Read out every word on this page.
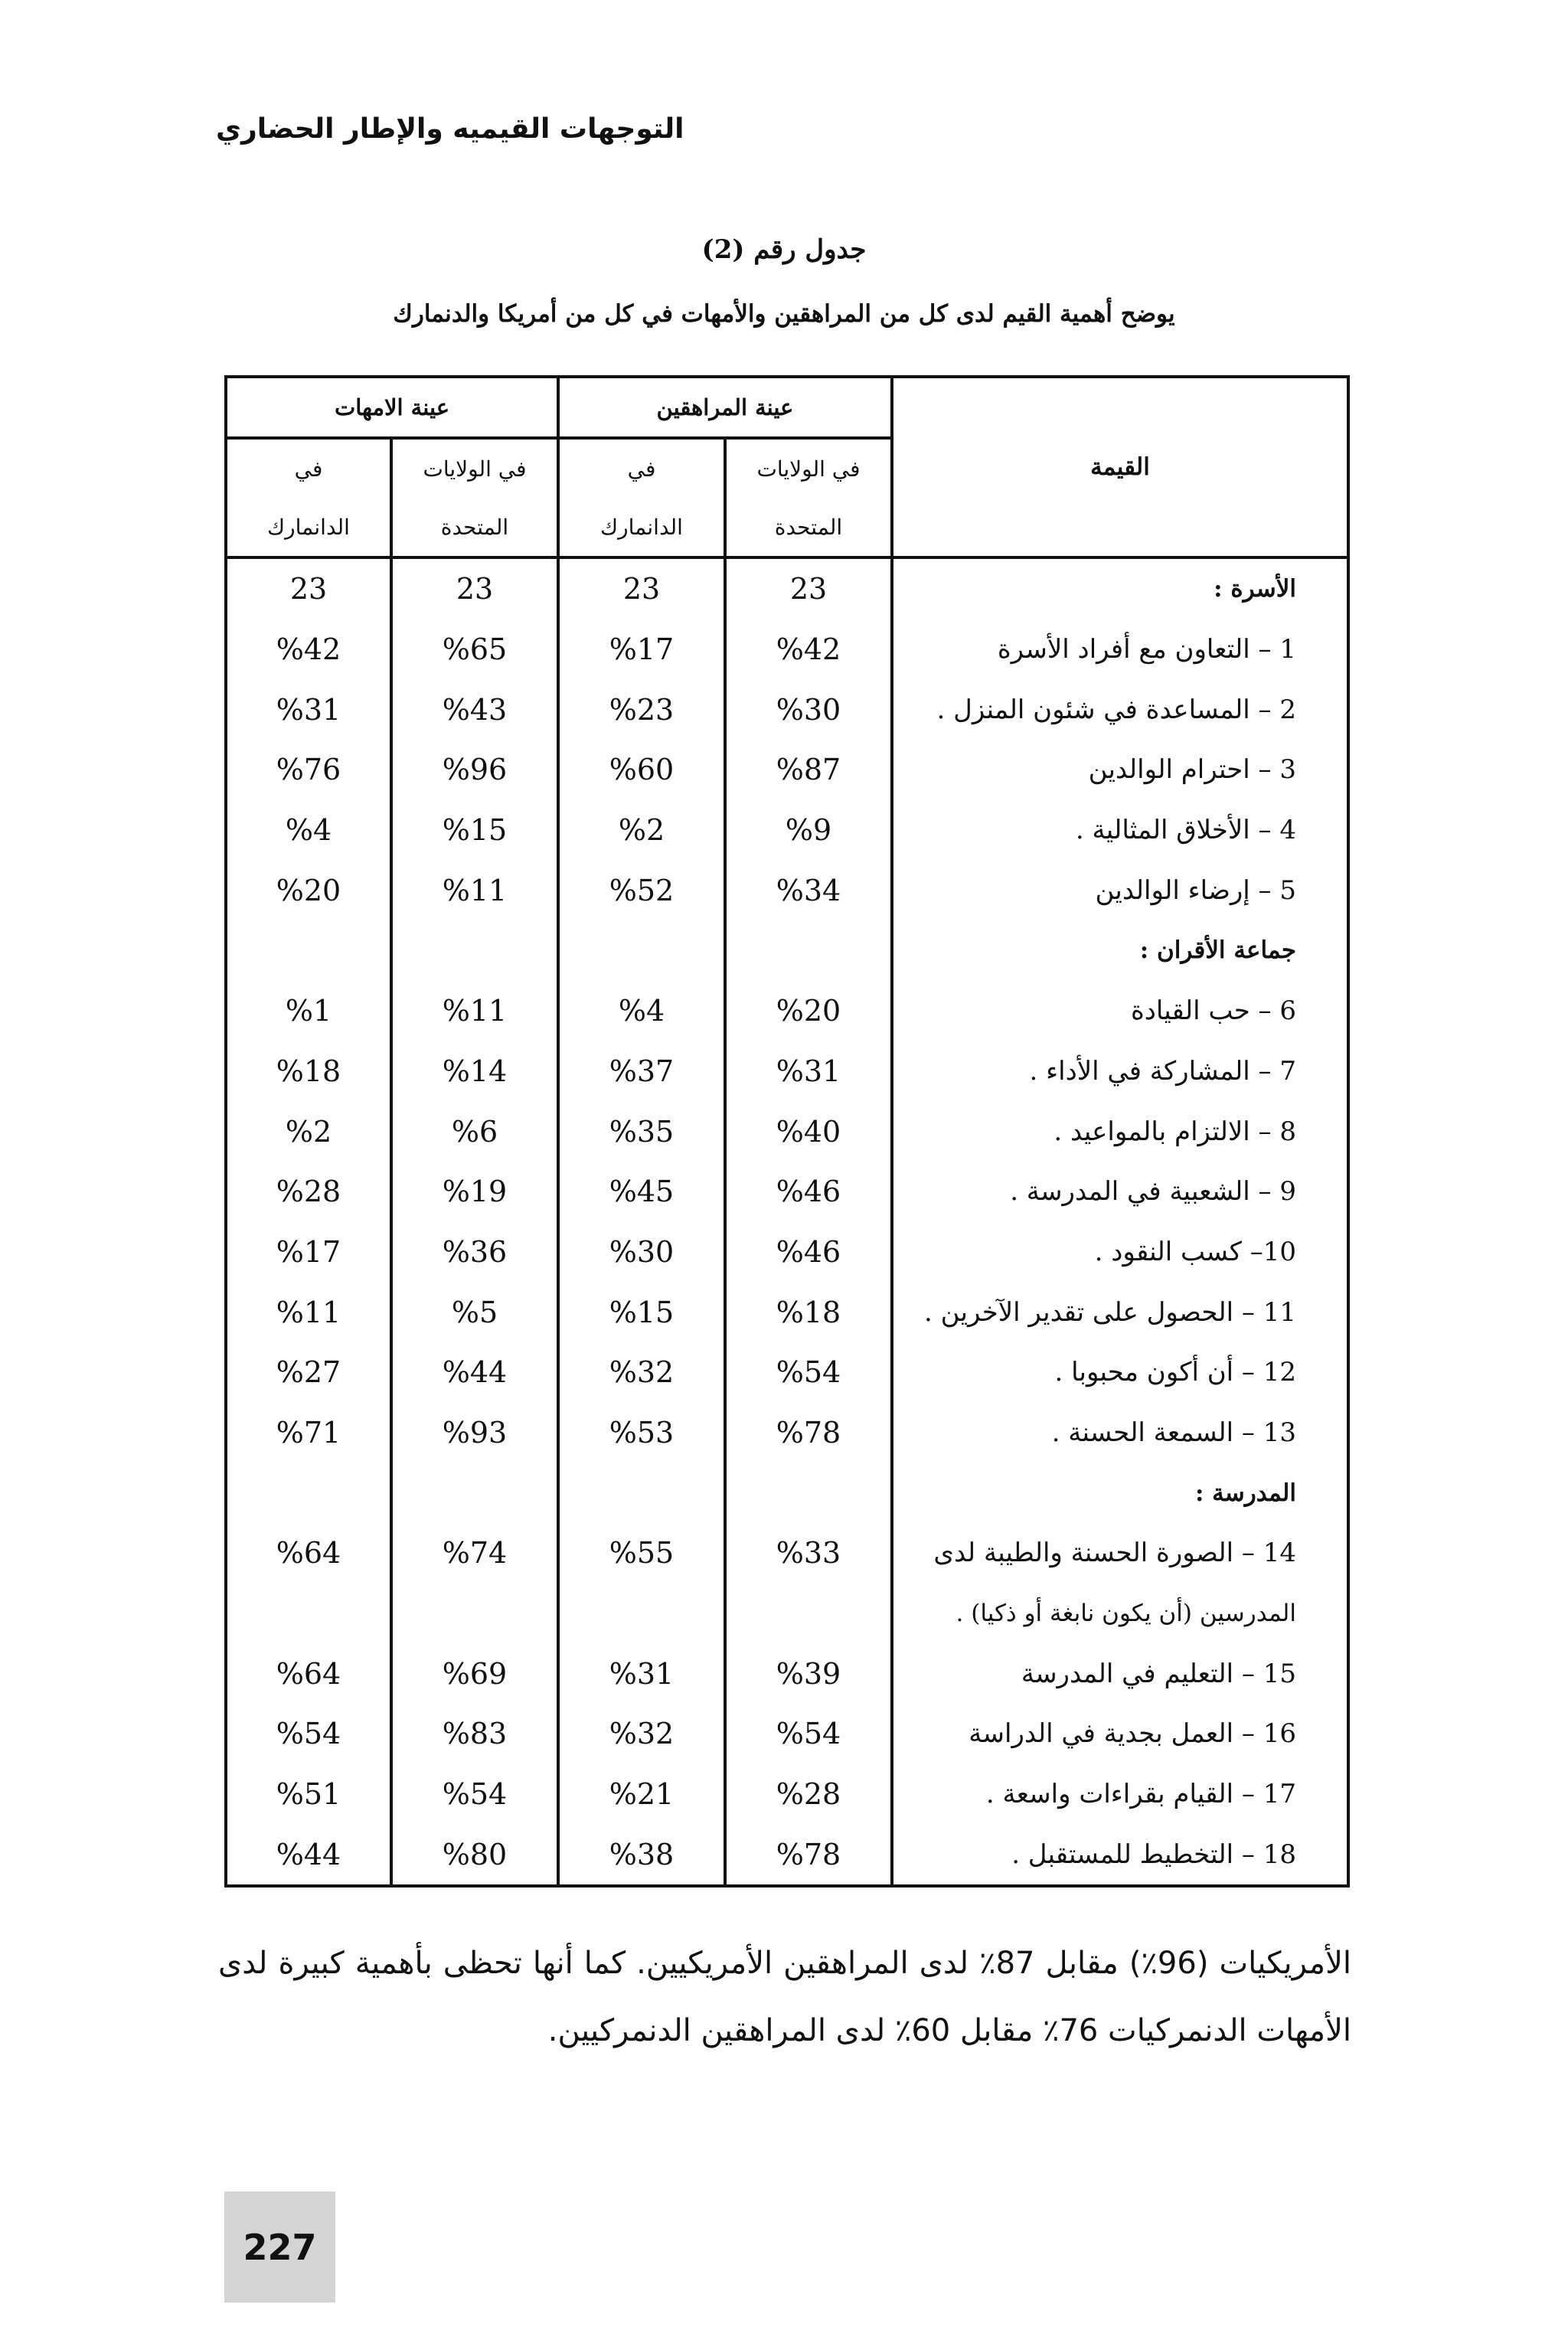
التوجهات القيميه والإطار الحضاري
جدول رقم (2)
يوضح أهمية القيم لدى كل من المراهقين والأمهات في كل من أمريكا والدنمارك
القيمة	عينة المراهقين		عينة الامهات	
	في الولايات	في	في الولايات	في
	المتحدة	الدانمارك	المتحدة	الدانمارك
الأسرة :	23	23	23	23
1 – التعاون مع أفراد الأسرة	%42	%17	%65	%42
2 – المساعدة في شئون المنزل .	%30	%23	%43	%31
3 – احترام الوالدين	%87	%60	%96	%76
4 – الأخلاق المثالية .	%9	%2	%15	%4
5 – إرضاء الوالدين	%34	%52	%11	%20
جماعة الأقران :				
6 – حب القيادة	%20	%4	%11	%1
7 – المشاركة في الأداء .	%31	%37	%14	%18
8 – الالتزام بالمواعيد .	%40	%35	%6	%2
9 – الشعبية في المدرسة .	%46	%45	%19	%28
10– كسب النقود .	%46	%30	%36	%17
11 – الحصول على تقدير الآخرين .	%18	%15	%5	%11
12 – أن أكون محبوبا .	%54	%32	%44	%27
13 – السمعة الحسنة .	%78	%53	%93	%71
المدرسة :				
14 – الصورة الحسنة والطيبة لدى	%33	%55	%74	%64
المدرسين (أن يكون نابغة أو ذكيا) .				
15 – التعليم في المدرسة	%39	%31	%69	%64
16 – العمل بجدية في الدراسة	%54	%32	%83	%54
17 – القيام بقراءات واسعة .	%28	%21	%54	%51
18 – التخطيط للمستقبل .	%78	%38	%80	%44
الأمريكيات (96٪) مقابل 87٪ لدى المراهقين الأمريكيين. كما أنها تحظى بأهمية كبيرة لدى الأمهات الدنمركيات 76٪ مقابل 60٪ لدى المراهقين الدنمركيين.
227
